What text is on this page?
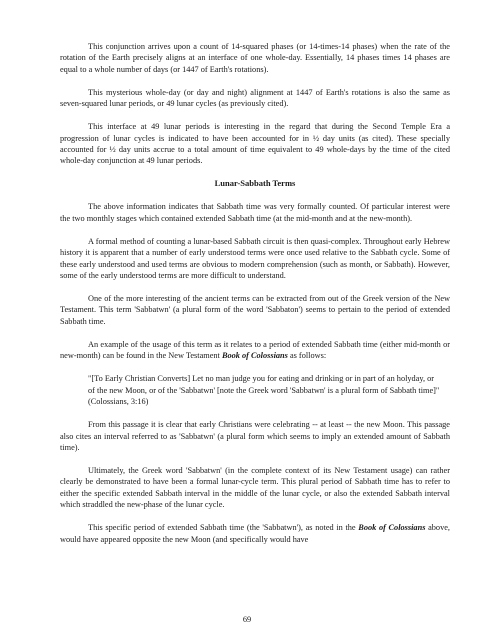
This conjunction arrives upon a count of 14-squared phases (or 14-times-14 phases) when the rate of the rotation of the Earth precisely aligns at an interface of one whole-day. Essentially, 14 phases times 14 phases are equal to a whole number of days (or 1447 of Earth's rotations).

This mysterious whole-day (or day and night) alignment at 1447 of Earth's rotations is also the same as seven-squared lunar periods, or 49 lunar cycles (as previously cited).

This interface at 49 lunar periods is interesting in the regard that during the Second Temple Era a progression of lunar cycles is indicated to have been accounted for in ½ day units (as cited). These specially accounted for ½ day units accrue to a total amount of time equivalent to 49 whole-days by the time of the cited whole-day conjunction at 49 lunar periods.

Lunar-Sabbath Terms

The above information indicates that Sabbath time was very formally counted. Of particular interest were the two monthly stages which contained extended Sabbath time (at the mid-month and at the new-month).

A formal method of counting a lunar-based Sabbath circuit is then quasi-complex. Throughout early Hebrew history it is apparent that a number of early understood terms were once used relative to the Sabbath cycle. Some of these early understood and used terms are obvious to modern comprehension (such as month, or Sabbath). However, some of the early understood terms are more difficult to understand.

One of the more interesting of the ancient terms can be extracted from out of the Greek version of the New Testament. This term 'Sabbatwn' (a plural form of the word 'Sabbaton') seems to pertain to the period of extended Sabbath time.

An example of the usage of this term as it relates to a period of extended Sabbath time (either mid-month or new-month) can be found in the New Testament Book of Colossians as follows:

"[To Early Christian Converts] Let no man judge you for eating and drinking or in part of an holyday, or of the new Moon, or of the 'Sabbatwn' [note the Greek word 'Sabbatwn' is a plural form of Sabbath time]" (Colossians, 3:16)

From this passage it is clear that early Christians were celebrating -- at least -- the new Moon. This passage also cites an interval referred to as 'Sabbatwn' (a plural form which seems to imply an extended amount of Sabbath time).

Ultimately, the Greek word 'Sabbatwn' (in the complete context of its New Testament usage) can rather clearly be demonstrated to have been a formal lunar-cycle term. This plural period of Sabbath time has to refer to either the specific extended Sabbath interval in the middle of the lunar cycle, or also the extended Sabbath interval which straddled the new-phase of the lunar cycle.

This specific period of extended Sabbath time (the 'Sabbatwn'), as noted in the Book of Colossians above, would have appeared opposite the new Moon (and specifically would have

69
